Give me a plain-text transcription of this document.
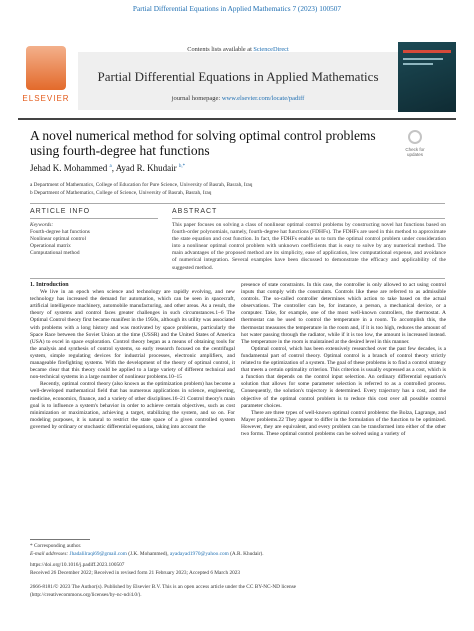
Partial Differential Equations in Applied Mathematics 7 (2023) 100507
ELSEVIER
Contents lists available at ScienceDirect
Partial Differential Equations in Applied Mathematics
journal homepage: www.elsevier.com/locate/padiff
A novel numerical method for solving optimal control problems using fourth-degree hat functions	Check for updates
Jehad K. Mohammed $^a$, Ayad R. Khudair $^{b,*}$
a Department of Mathematics, College of Education for Pure Science, University of Basrah, Basrah, Iraq
b Department of Mathematics, College of Science, University of Basrah, Basrah, Iraq
ARTICLE INFO	ABSTRACT
Keywords:
Fourth-degree hat functions
Nonlinear optimal control
Operational matrix
Computational method
This paper focuses on solving a class of nonlinear optimal control problems by constructing novel hat functions based on fourth-order polynomials, namely, fourth-degree hat functions (FDHFs). The FDHFs are used in this method to approximate the state equation and cost function. In fact, the FDHFs enable us to turn the optimal control problem under consideration into a nonlinear optimal control problem with unknown coefficients that is easy to solve by any numerical method. The main advantages of the proposed method are its simplicity, ease of application, low computational expense, and avoidance of numerical integration. Several examples have been discussed to demonstrate the efficacy and applicability of the suggested method.

1. Introduction

We live in an epoch when science and technology are rapidly evolving, and new technology has increased the demand for automation, which can be seen in spacecraft, artificial intelligence machinery, automobile manufacturing, and other areas. As a result, the theory of systems and control faces greater challenges in such circumstances.1–6 The Optimal Control theory first became manifest in the 1950s, although its utility was associated with problems with a long history and was motivated by space problems, particularly the Space Race between the Soviet Union at the time (USSR) and the United States of America (USA) to excel in space exploration. Control theory began as a means of obtaining tools for the analysis and synthesis of control systems, so early research focused on the centrifugal system, simple regulating devices for industrial processes, electronic amplifiers, and manageable firefighting systems. With the development of the theory of optimal control, it became clear that this theory could be applied to a large variety of different technical and non-technical systems in a large number of nonlinear problems.10–15

Recently, optimal control theory (also known as the optimization problem) has become a well-developed mathematical field that has numerous applications in science, engineering, medicine, economics, finance, and a variety of other disciplines.16–21 Control theory's main goal is to influence a system's behavior in order to achieve certain objectives, such as cost minimization or maximization, achieving a target, stabilizing the system, and so on. For modeling purposes, it is natural to restrict the state space of a given controlled system governed by ordinary or stochastic differential equations, taking into account the

presence of state constraints. In this case, the controller is only allowed to act using control inputs that comply with the constraints. Controls like these are referred to as admissible controls. The so-called controller determines which action to take based on the actual observations. The controller can be, for instance, a person, a mechanical device, or a computer. Take, for example, one of the most well-known controllers, the thermostat. A thermostat can be used to control the temperature in a room. To accomplish this, the thermostat measures the temperature in the room and, if it is too high, reduces the amount of hot water passing through the radiator, while if it is too low, the amount is increased instead. The temperature in the room is maintained at the desired level in this manner.

Optimal control, which has been extensively researched over the past few decades, is a fundamental part of control theory. Optimal control is a branch of control theory strictly related to the optimization of a system. The goal of these problems is to find a control strategy that meets a certain optimality criterion. This criterion is usually expressed as a cost, which is a function that depends on the control input selection. An ordinary differential equation's solution that allows for some parameter selection is referred to as a controlled process. Consequently, the solution's trajectory is determined. Every trajectory has a cost, and the objective of the optimal control problem is to reduce this cost over all possible control parameter choices.

There are three types of well-known optimal control problems: the Bolza, Lagrange, and Mayer problems.22 They appear to differ in the formulation of the function to be optimized. However, they are equivalent, and every problem can be transformed into either of the other two forms. These optimal control problems can be solved using a variety of

* Corresponding author.
E-mail addresses: Jhadalilraqi69@gmail.com (J.K. Mohammed), ayadayad1970@yahoo.com (A.R. Khudair).
https://doi.org/10.1016/j.padiff.2023.100507
Received 26 December 2022; Received in revised form 21 February 2023; Accepted 6 March 2023
2666-8181/© 2023 The Author(s). Published by Elsevier B.V. This is an open access article under the CC BY-NC-ND license
(http://creativecommons.org/licenses/by-nc-nd/4.0/).
